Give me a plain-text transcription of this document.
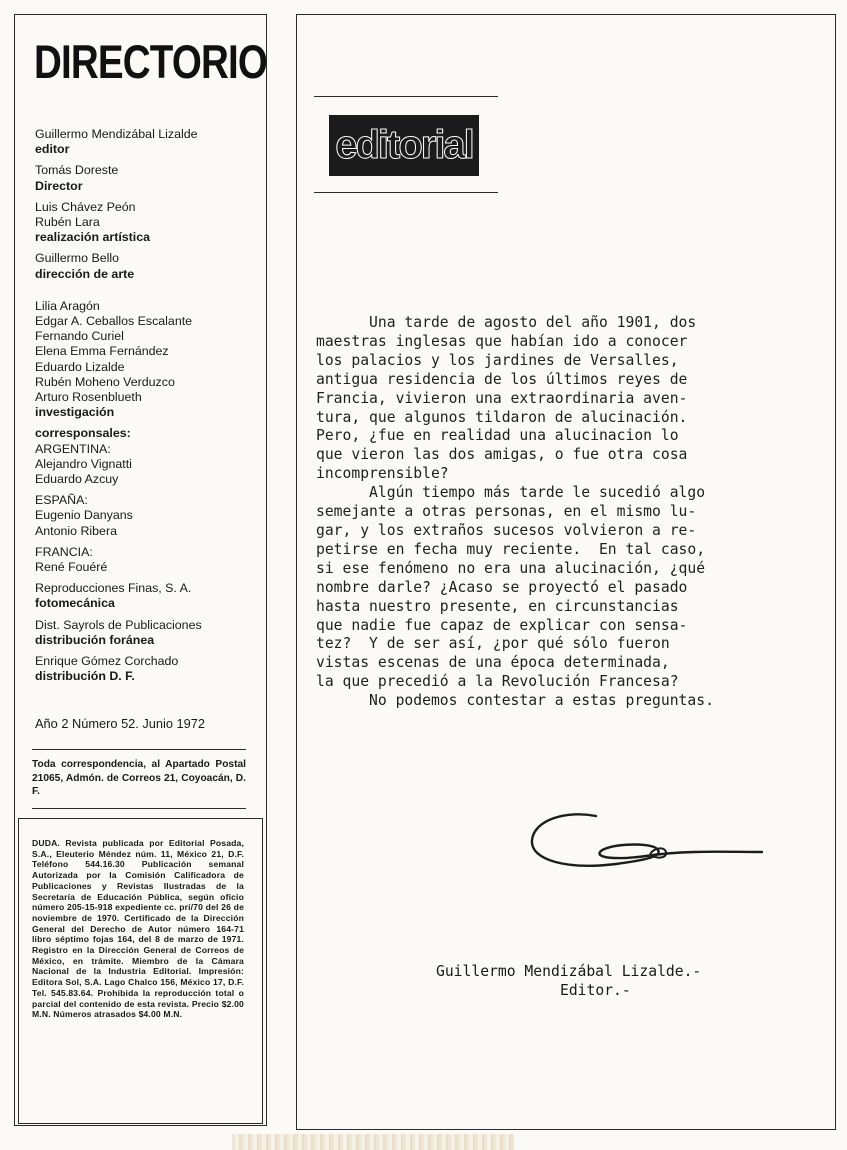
DIRECTORIO
Guillermo Mendizábal Lizalde
editor
Tomás Doreste
Director
Luis Chávez Peón
Rubén Lara
realización artística
Guillermo Bello
dirección de arte
Lilia Aragón
Edgar A. Ceballos Escalante
Fernando Curiel
Elena Emma Fernández
Eduardo Lizalde
Rubén Moheno Verduzco
Arturo Rosenblueth
investigación
corresponsales:
ARGENTINA:
Alejandro Vignatti
Eduardo Azcuy
ESPAÑA:
Eugenio Danyans
Antonio Ribera
FRANCIA:
René Fouéré
Reproducciones Finas, S. A.
fotomecánica
Dist. Sayrols de Publicaciones
distribución foránea
Enrique Gómez Corchado
distribución D. F.
Año 2 Número 52. Junio 1972
Toda correspondencia, al Apartado Postal 21065, Admón. de Correos 21, Coyoacán, D. F.
DUDA. Revista publicada por Editorial Posada, S.A., Eleuterio Méndez núm. 11, México 21, D.F. Teléfono 544.16.30 Publicación semanal Autorizada por la Comisión Calificadora de Publicaciones y Revistas Ilustradas de la Secretaría de Educación Pública, según oficio número 205-15-918 expediente cc. pri/70 del 26 de noviembre de 1970. Certificado de la Dirección General del Derecho de Autor número 164-71 libro séptimo fojas 164, del 8 de marzo de 1971. Registro en la Dirección General de Correos de México, en trámite. Miembro de la Cámara Nacional de la Industria Editorial. Impresión: Editora Sol, S.A. Lago Chalco 156, México 17, D.F. Tel. 545.83.64. Prohibida la reproducción total o parcial del contenido de esta revista. Precio $2.00 M.N. Números atrasados $4.00 M.N.
editorial
Una tarde de agosto del año 1901, dos
maestras inglesas que habían ido a conocer
los palacios y los jardines de Versalles,
antigua residencia de los últimos reyes de
Francia, vivieron una extraordinaria aven-
tura, que algunos tildaron de alucinación.
Pero, ¿fue en realidad una alucinacion lo
que vieron las dos amigas, o fue otra cosa
incomprensible?
Algún tiempo más tarde le sucedió algo
semejante a otras personas, en el mismo lu-
gar, y los extraños sucesos volvieron a re-
petirse en fecha muy reciente.  En tal caso,
si ese fenómeno no era una alucinación, ¿qué
nombre darle? ¿Acaso se proyectó el pasado
hasta nuestro presente, en circunstancias
que nadie fue capaz de explicar con sensa-
tez?  Y de ser así, ¿por qué sólo fueron
vistas escenas de una época determinada,
la que precedió a la Revolución Francesa?
No podemos contestar a estas preguntas.
Guillermo Mendizábal Lizalde.-
Editor.-
